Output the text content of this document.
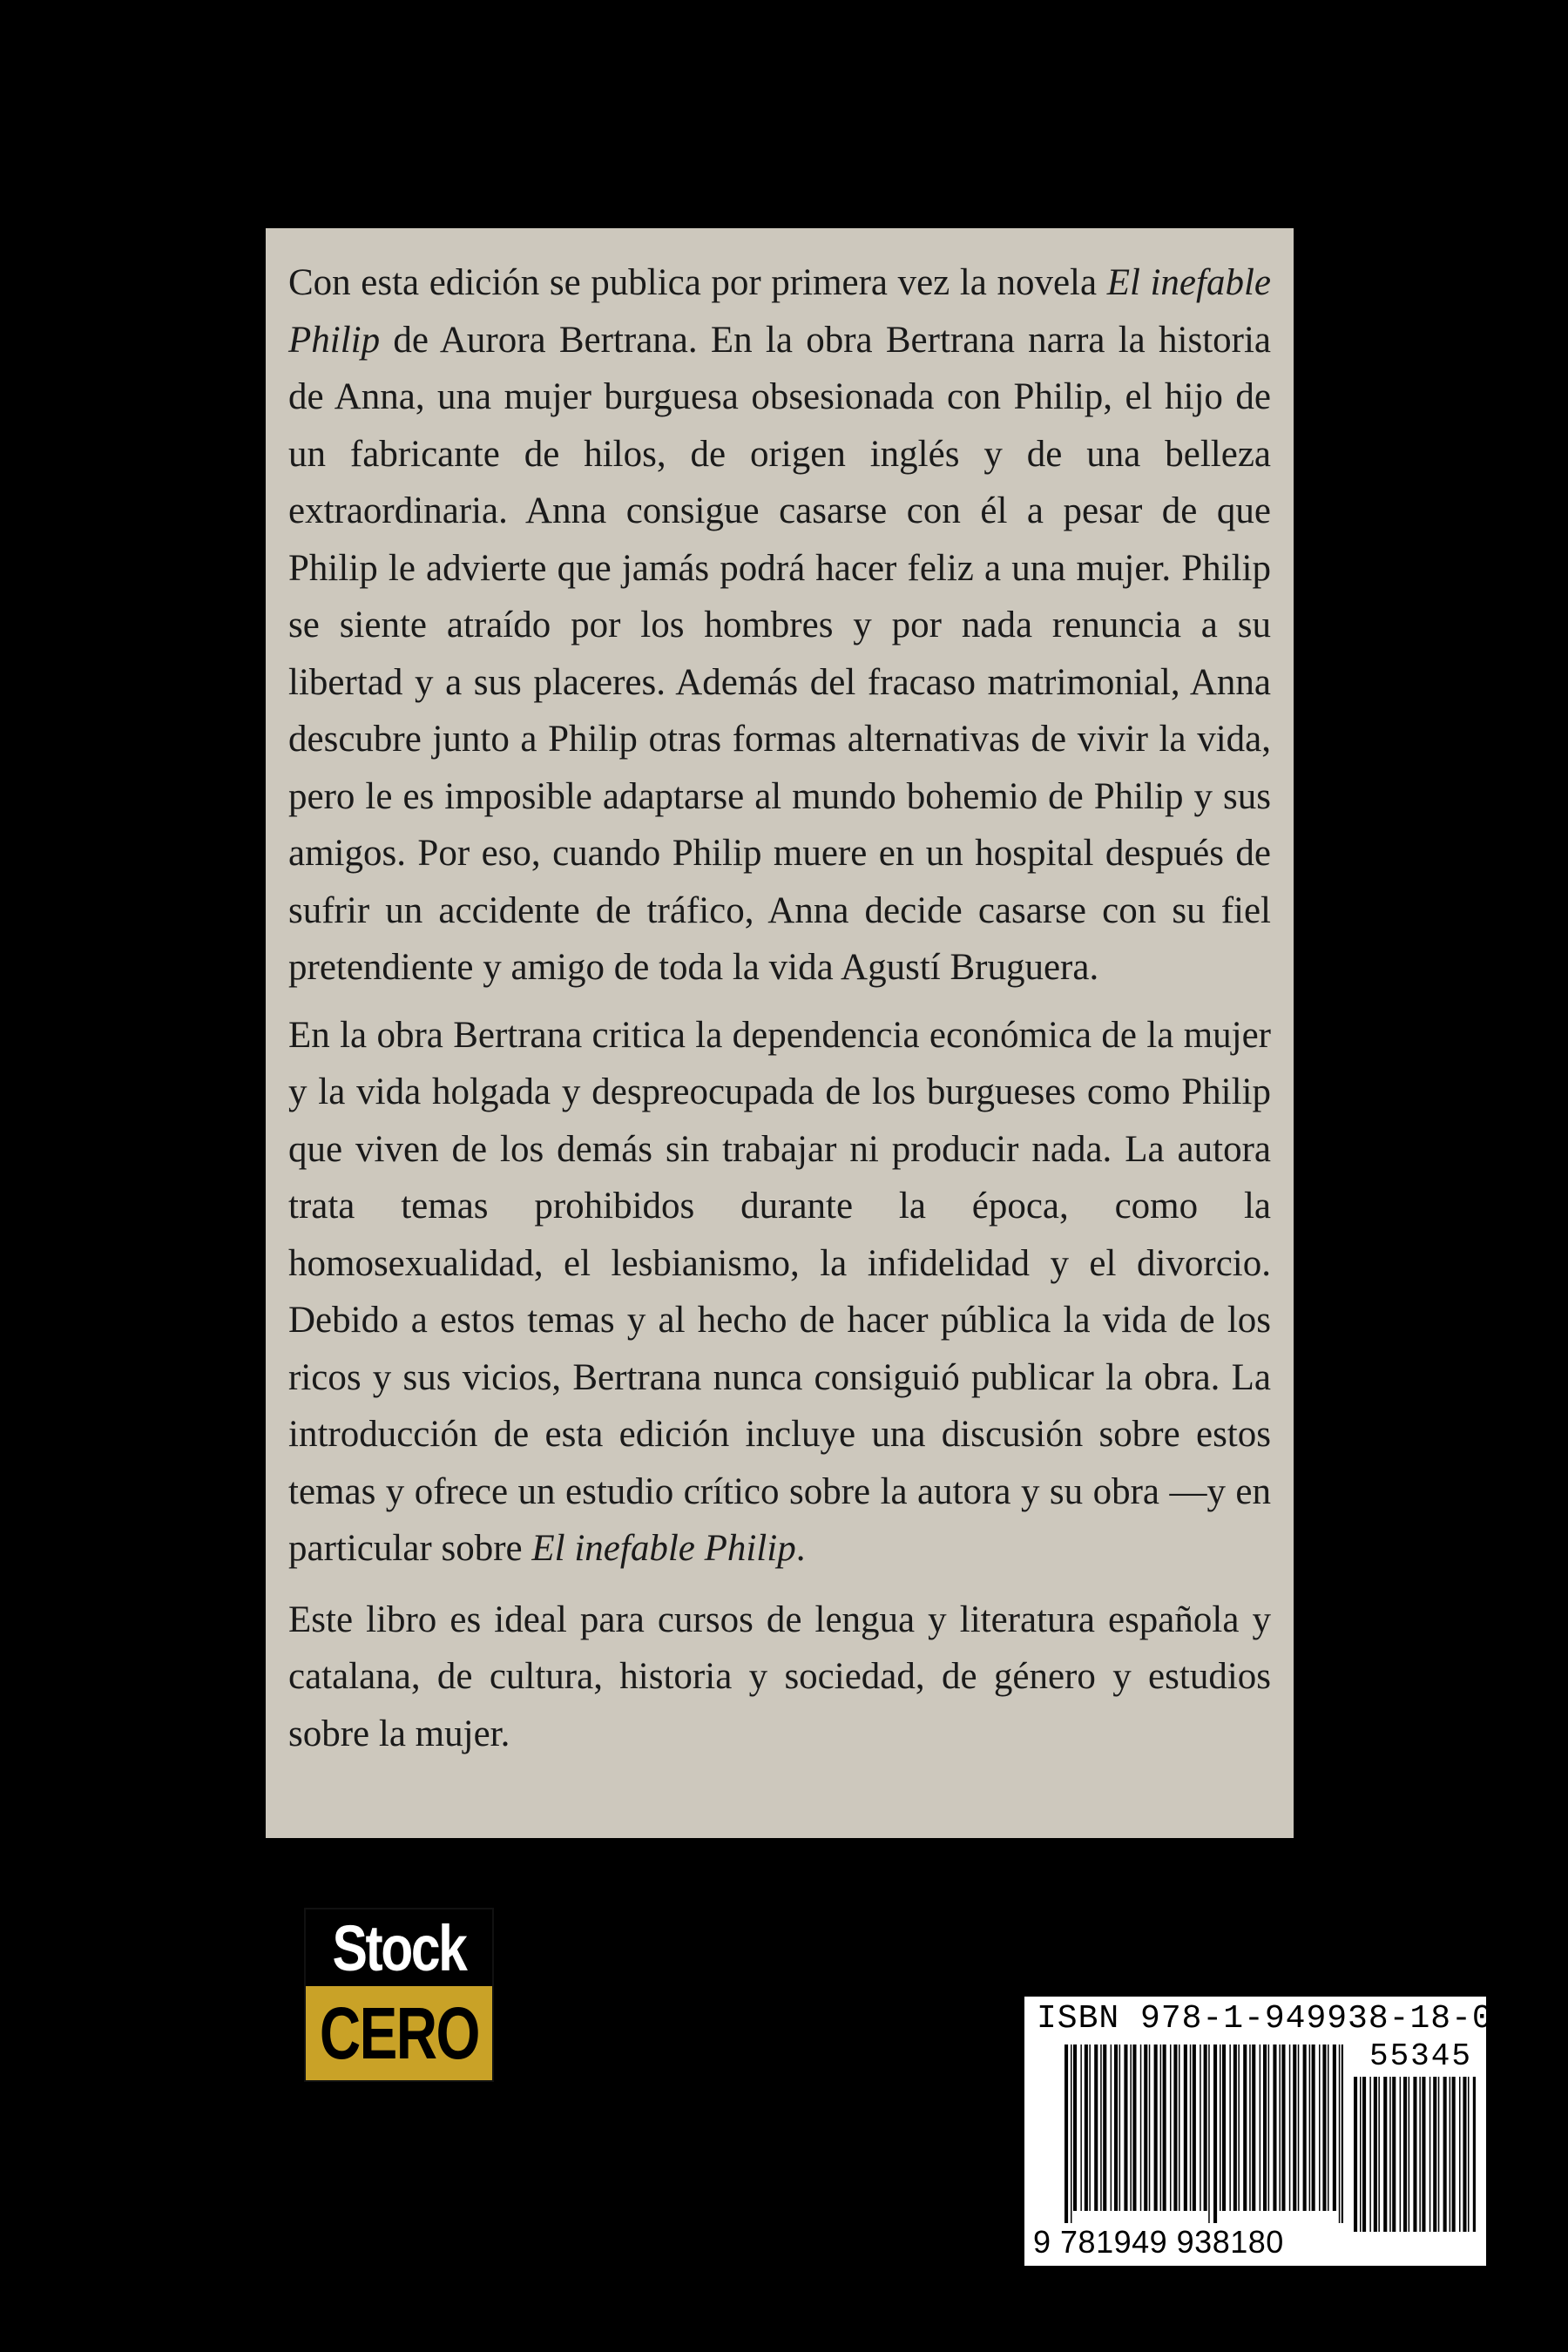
Con esta edición se publica por primera vez la novela El inefable Philip de Aurora Bertrana. En la obra Bertrana narra la historia de Anna, una mujer burguesa obsesionada con Philip, el hijo de un fabricante de hilos, de origen inglés y de una belleza extraordinaria. Anna consigue casarse con él a pesar de que Philip le advierte que jamás podrá hacer feliz a una mujer. Philip se siente atraído por los hombres y por nada renuncia a su libertad y a sus placeres. Además del fracaso matrimonial, Anna descubre junto a Philip otras formas alternativas de vivir la vida, pero le es imposible adaptarse al mundo bohemio de Philip y sus amigos. Por eso, cuando Philip muere en un hospital después de sufrir un accidente de tráfico, Anna decide casarse con su fiel pretendiente y amigo de toda la vida Agustí Bruguera.

En la obra Bertrana critica la dependencia económica de la mujer y la vida holgada y despreocupada de los burgueses como Philip que viven de los demás sin trabajar ni producir nada. La autora trata temas prohibidos durante la época, como la homosexualidad, el lesbianismo, la infidelidad y el divorcio. Debido a estos temas y al hecho de hacer pública la vida de los ricos y sus vicios, Bertrana nunca consiguió publicar la obra. La introducción de esta edición incluye una discusión sobre estos temas y ofrece un estudio crítico sobre la autora y su obra —y en particular sobre El inefable Philip.

Este libro es ideal para cursos de lengua y literatura española y catalana, de cultura, historia y sociedad, de género y estudios sobre la mujer.

Stock
CERO	ISBN 978-1-949938-18-0
55345
9 781949 938180
